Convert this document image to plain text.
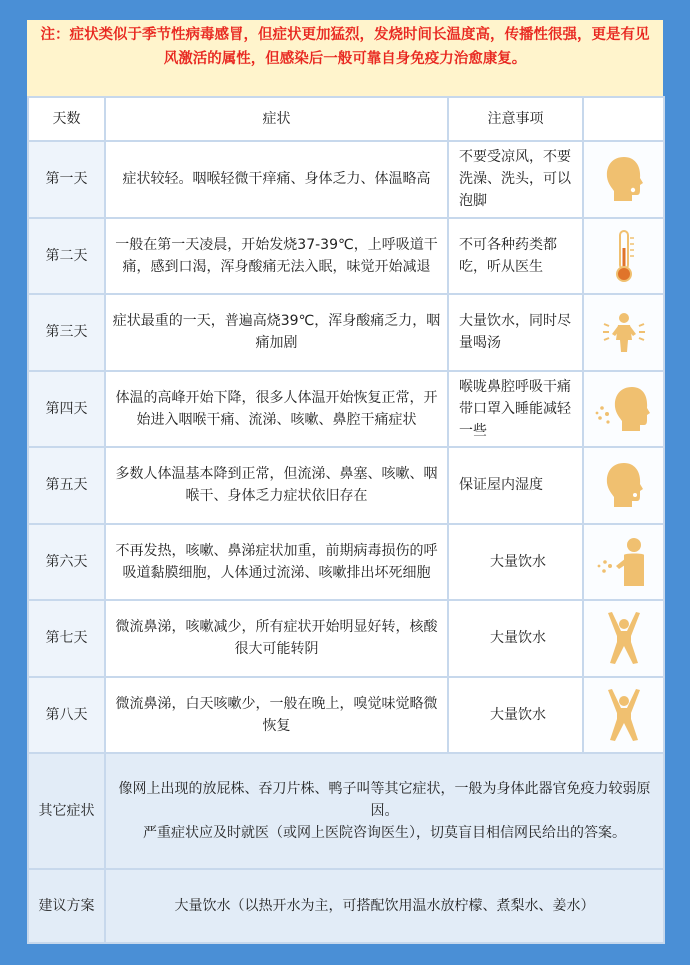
注：症状类似于季节性病毒感冒，但症状更加猛烈，发烧时间长温度高，传播性很强，更是有见风激活的属性，但感染后一般可靠自身免疫力治愈康复。
天数	症状	注意事项	
第一天	症状较轻。咽喉轻微干痒痛、身体乏力、体温略高	不要受凉风，不要洗澡、洗头，可以泡脚	

第二天	一般在第一天凌晨，开始发烧37-39℃，上呼吸道干痛，感到口渴，浑身酸痛无法入眠，味觉开始减退	不可各种药类都吃，听从医生	

第三天	症状最重的一天，普遍高烧39℃，浑身酸痛乏力，咽痛加剧	大量饮水，同时尽量喝汤	

第四天	体温的高峰开始下降，很多人体温开始恢复正常，开始进入咽喉干痛、流涕、咳嗽、鼻腔干痛症状	喉咙鼻腔呼吸干痛带口罩入睡能减轻一些	

第五天	多数人体温基本降到正常，但流涕、鼻塞、咳嗽、咽喉干、身体乏力症状依旧存在	保证屋内湿度	

第六天	不再发热，咳嗽、鼻涕症状加重，前期病毒损伤的呼吸道黏膜细胞，人体通过流涕、咳嗽排出坏死细胞	大量饮水	

第七天	微流鼻涕，咳嗽减少，所有症状开始明显好转，核酸很大可能转阴	大量饮水	

第八天	微流鼻涕，白天咳嗽少，一般在晚上，嗅觉味觉略微恢复	大量饮水	

其它症状	像网上出现的放屁株、吞刀片株、鸭子叫等其它症状，一般为身体此器官免疫力较弱原因。
严重症状应及时就医（或网上医院咨询医生），切莫盲目相信网民给出的答案。		

建议方案	大量饮水（以热开水为主，可搭配饮用温水放柠檬、煮梨水、姜水）		
